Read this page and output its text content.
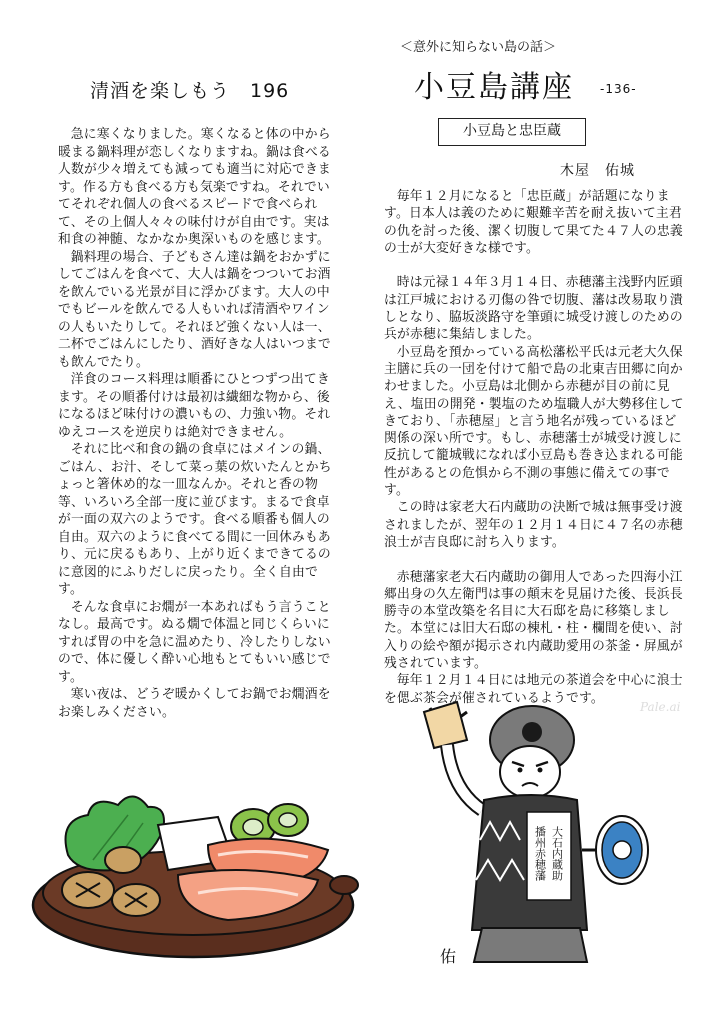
清酒を楽しもう　196

急に寒くなりました。寒くなると体の中から暖まる鍋料理が恋しくなりますね。鍋は食べる人数が少々増えても減っても適当に対応できます。作る方も食べる方も気楽ですね。それでいてそれぞれ個人の食べるスピードで食べられて、その上個人々々の味付けが自由です。実は和食の神髄、なかなか奥深いものを感じます。

鍋料理の場合、子どもさん達は鍋をおかずにしてごはんを食べて、大人は鍋をつついてお酒を飲んでいる光景が目に浮かびます。大人の中でもビールを飲んでる人もいれば清酒やワインの人もいたりして。それほど強くない人は一、二杯でごはんにしたり、酒好きな人はいつまでも飲んでたり。

洋食のコース料理は順番にひとつずつ出てきます。その順番付けは最初は繊細な物から、後になるほど味付けの濃いもの、力強い物。それゆえコースを逆戻りは絶対できません。

それに比べ和食の鍋の食卓にはメインの鍋、ごはん、お汁、そして菜っ葉の炊いたんとかちょっと箸休め的な一皿なんか。それと香の物等、いろいろ全部一度に並びます。まるで食卓が一面の双六のようです。食べる順番も個人の自由。双六のように食べてる間に一回休みもあり、元に戻るもあり、上がり近くまできてるのに意図的にふりだしに戻ったり。全く自由です。

そんな食卓にお燗が一本あればもう言うことなし。最高です。ぬる燗で体温と同じくらいにすれば胃の中を急に温めたり、冷したりしないので、体に優しく酔い心地もとてもいい感じです。

寒い夜は、どうぞ暖かくしてお鍋でお燗酒をお楽しみください。

＜意外に知らない島の話＞
小豆島講座 -136-
小豆島と忠臣蔵
木屋　佑城

毎年１２月になると「忠臣蔵」が話題になります。日本人は義のために艱難辛苦を耐え抜いて主君の仇を討った後、潔く切腹して果てた４７人の忠義の士が大変好きな様です。

時は元禄１４年３月１４日、赤穂藩主浅野内匠頭は江戸城における刃傷の咎で切腹、藩は改易取り潰しとなり、脇坂淡路守を筆頭に城受け渡しのための兵が赤穂に集結しました。

小豆島を預かっている高松藩松平氏は元老大久保主膳に兵の一団を付けて船で島の北東吉田郷に向かわせました。小豆島は北側から赤穂が目の前に見え、塩田の開発・製塩のため塩職人が大勢移住してきており、「赤穂屋」と言う地名が残っているほど関係の深い所です。もし、赤穂藩士が城受け渡しに反抗して籠城戦になれば小豆島も巻き込まれる可能性があるとの危惧から不測の事態に備えての事です。

この時は家老大石内蔵助の決断で城は無事受け渡されましたが、翌年の１２月１４日に４７名の赤穂浪士が吉良邸に討ち入ります。

赤穂藩家老大石内蔵助の御用人であった四海小江郷出身の久左衛門は事の顛末を見届けた後、長浜長勝寺の本堂改築を名目に大石邸を島に移築しました。本堂には旧大石邸の棟札・柱・欄間を使い、討入りの絵や額が掲示され内蔵助愛用の茶釜・屏風が残されています。

毎年１２月１４日には地元の茶道会を中心に浪士を偲ぶ茶会が催されているようです。

Pale.ai
大石内蔵助
播州赤穂藩
佑
